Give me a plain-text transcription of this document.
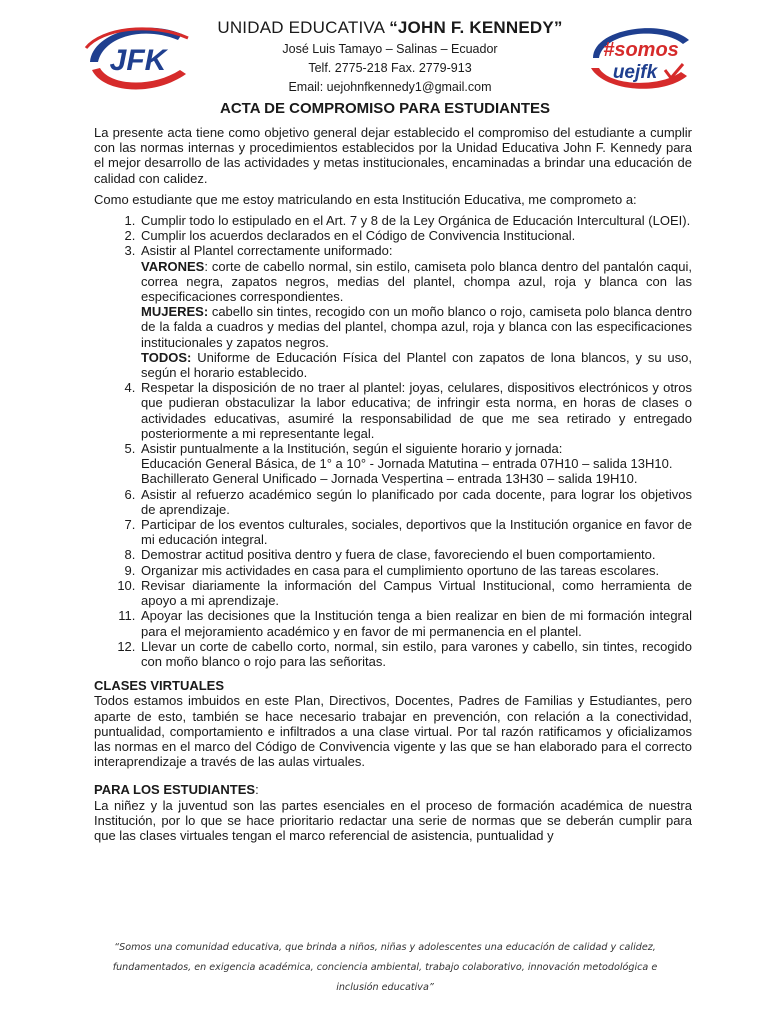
JFK
UNIDAD EDUCATIVA “JOHN F. KENNEDY”
José Luis Tamayo – Salinas – Ecuador
Telf. 2775-218 Fax. 2779-913
Email: uejohnfkennedy1@gmail.com
#somos
uejfk
ACTA DE COMPROMISO PARA ESTUDIANTES

La presente acta tiene como objetivo general dejar establecido el compromiso del estudiante a cumplir con las normas internas y procedimientos establecidos por la Unidad Educativa John F. Kennedy para el mejor desarrollo de las actividades y metas institucionales, encaminadas a brindar una educación de calidad con calidez.

Como estudiante que me estoy matriculando en esta Institución Educativa, me comprometo a:

1. Cumplir todo lo estipulado en el Art. 7 y 8 de la Ley Orgánica de Educación Intercultural (LOEI).
2. Cumplir los acuerdos declarados en el Código de Convivencia Institucional.
3. Asistir al Plantel correctamente uniformado:
VARONES: corte de cabello normal, sin estilo, camiseta polo blanca dentro del pantalón caqui, correa negra, zapatos negros, medias del plantel, chompa azul, roja y blanca con las especificaciones correspondientes.
MUJERES: cabello sin tintes, recogido con un moño blanco o rojo, camiseta polo blanca dentro de la falda a cuadros y medias del plantel, chompa azul, roja y blanca con las especificaciones institucionales y zapatos negros.
TODOS: Uniforme de Educación Física del Plantel con zapatos de lona blancos, y su uso, según el horario establecido.
4. Respetar la disposición de no traer al plantel: joyas, celulares, dispositivos electrónicos y otros que pudieran obstaculizar la labor educativa; de infringir esta norma, en horas de clases o actividades educativas, asumiré la responsabilidad de que me sea retirado y entregado posteriormente a mi representante legal.
5. Asistir puntualmente a la Institución, según el siguiente horario y jornada:
Educación General Básica, de 1° a 10° - Jornada Matutina – entrada 07H10 – salida 13H10.
Bachillerato General Unificado – Jornada Vespertina – entrada 13H30 – salida 19H10.
6. Asistir al refuerzo académico según lo planificado por cada docente, para lograr los objetivos de aprendizaje.
7. Participar de los eventos culturales, sociales, deportivos que la Institución organice en favor de mi educación integral.
8. Demostrar actitud positiva dentro y fuera de clase, favoreciendo el buen comportamiento.
9. Organizar mis actividades en casa para el cumplimiento oportuno de las tareas escolares.
10. Revisar diariamente la información del Campus Virtual Institucional, como herramienta de apoyo a mi aprendizaje.
11. Apoyar las decisiones que la Institución tenga a bien realizar en bien de mi formación integral para el mejoramiento académico y en favor de mi permanencia en el plantel.
12. Llevar un corte de cabello corto, normal, sin estilo, para varones y cabello, sin tintes, recogido con moño blanco o rojo para las señoritas.
CLASES VIRTUALES
Todos estamos imbuidos en este Plan, Directivos, Docentes, Padres de Familias y Estudiantes, pero aparte de esto, también se hace necesario trabajar en prevención, con relación a la conectividad, puntualidad, comportamiento e infiltrados a una clase virtual. Por tal razón ratificamos y oficializamos las normas en el marco del Código de Convivencia vigente y las que se han elaborado para el correcto interaprendizaje a través de las aulas virtuales.
PARA LOS ESTUDIANTES:
La niñez y la juventud son las partes esenciales en el proceso de formación académica de nuestra Institución, por lo que se hace prioritario redactar una serie de normas que se deberán cumplir para que las clases virtuales tengan el marco referencial de asistencia, puntualidad y
“Somos una comunidad educativa, que brinda a niños, niñas y adolescentes una educación de calidad y calidez,
fundamentados, en exigencia académica, conciencia ambiental, trabajo colaborativo, innovación metodológica e
inclusión educativa”
